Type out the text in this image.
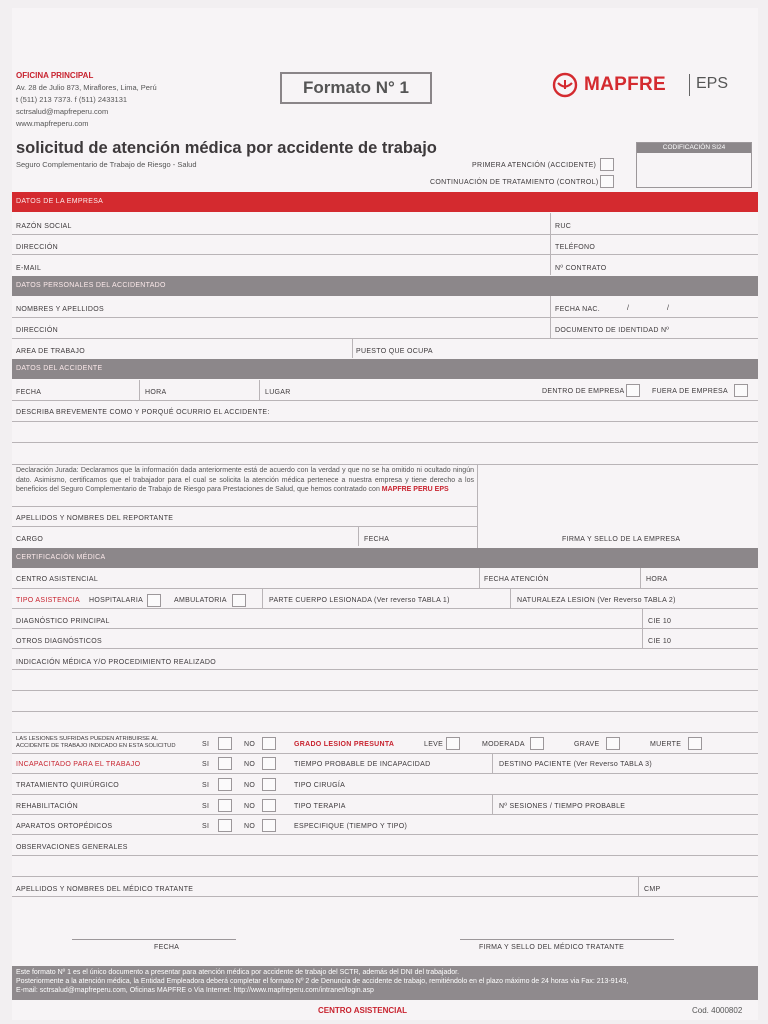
OFICINA PRINCIPAL
Av. 28 de Julio 873, Miraflores, Lima, Perú
t (511) 213 7373. f (511) 2433131
sctrsalud@mapfreperu.com
www.mapfreperu.com
Formato N° 1	MAPFRE EPS
solicitud de atención médica por accidente de trabajo
Seguro Complementario de Trabajo de Riesgo - Salud	PRIMERA ATENCIÓN (ACCIDENTE)
CONTINUACIÓN DE TRATAMIENTO (CONTROL)
CODIFICACIÓN SI24
DATOS DE LA EMPRESA
RAZÓN SOCIAL	RUC
DIRECCIÓN	TELÉFONO
E-MAIL	Nº CONTRATO
DATOS PERSONALES DEL ACCIDENTADO
NOMBRES Y APELLIDOS	FECHA NAC.	/	/
DIRECCIÓN	DOCUMENTO DE IDENTIDAD Nº
AREA DE TRABAJO	PUESTO QUE OCUPA
DATOS DEL ACCIDENTE
FECHA	HORA	LUGAR	DENTRO DE EMPRESA	FUERA DE EMPRESA
DESCRIBA BREVEMENTE COMO Y PORQUÉ OCURRIO EL ACCIDENTE:
Declaración Jurada: Declaramos que la información dada anteriormente está de acuerdo con la verdad y que no se ha omitido ni ocultado ningún dato. Asimismo, certificamos que el trabajador para el cual se solicita la atención médica pertenece a nuestra empresa y tiene derecho a los beneficios del Seguro Complementario de Trabajo de Riesgo para Prestaciones de Salud, que hemos contratado con MAPFRE PERU EPS
APELLIDOS Y NOMBRES DEL REPORTANTE
CARGO	FECHA	FIRMA Y SELLO DE LA EMPRESA
CERTIFICACIÓN MÉDICA
CENTRO ASISTENCIAL	FECHA ATENCIÓN	HORA
TIPO ASISTENCIA HOSPITALARIA	AMBULATORIA	PARTE CUERPO LESIONADA (Ver reverso TABLA 1)	NATURALEZA LESION (Ver Reverso TABLA 2)
DIAGNÓSTICO PRINCIPAL	CIE 10
OTROS DIAGNÓSTICOS	CIE 10
INDICACIÓN MÉDICA Y/O PROCEDIMIENTO REALIZADO
LAS LESIONES SUFRIDAS PUEDEN ATRIBUIRSE AL ACCIDENTE DE TRABAJO INDICADO EN ESTA SOLICITUD	SI	NO	GRADO LESION PRESUNTA	LEVE	MODERADA	GRAVE	MUERTE
INCAPACITADO PARA EL TRABAJO	SI	NO	TIEMPO PROBABLE DE INCAPACIDAD	DESTINO PACIENTE (Ver Reverso TABLA 3)
TRATAMIENTO QUIRÚRGICO	SI	NO	TIPO CIRUGÍA
REHABILITACIÓN	SI	NO	TIPO TERAPIA	Nº SESIONES / TIEMPO PROBABLE
APARATOS ORTOPÉDICOS	SI	NO	ESPECIFIQUE (TIEMPO Y TIPO)
OBSERVACIONES GENERALES
APELLIDOS Y NOMBRES DEL MÉDICO TRATANTE	CMP
FECHA	FIRMA Y SELLO DEL MÉDICO TRATANTE
Este formato Nº 1 es el único documento a presentar para atención médica por accidente de trabajo del SCTR, además del DNI del trabajador.
Posteriormente a la atención médica, la Entidad Empleadora deberá completar el formato Nº 2 de Denuncia de accidente de trabajo, remitiéndolo en el plazo máximo de 24 horas via Fax: 213-9143,
E-mail: sctrsalud@mapfreperu.com, Oficinas MAPFRE o Via Internet: http://www.mapfreperu.com/intranet/login.asp
CENTRO ASISTENCIAL	Cod. 4000802
